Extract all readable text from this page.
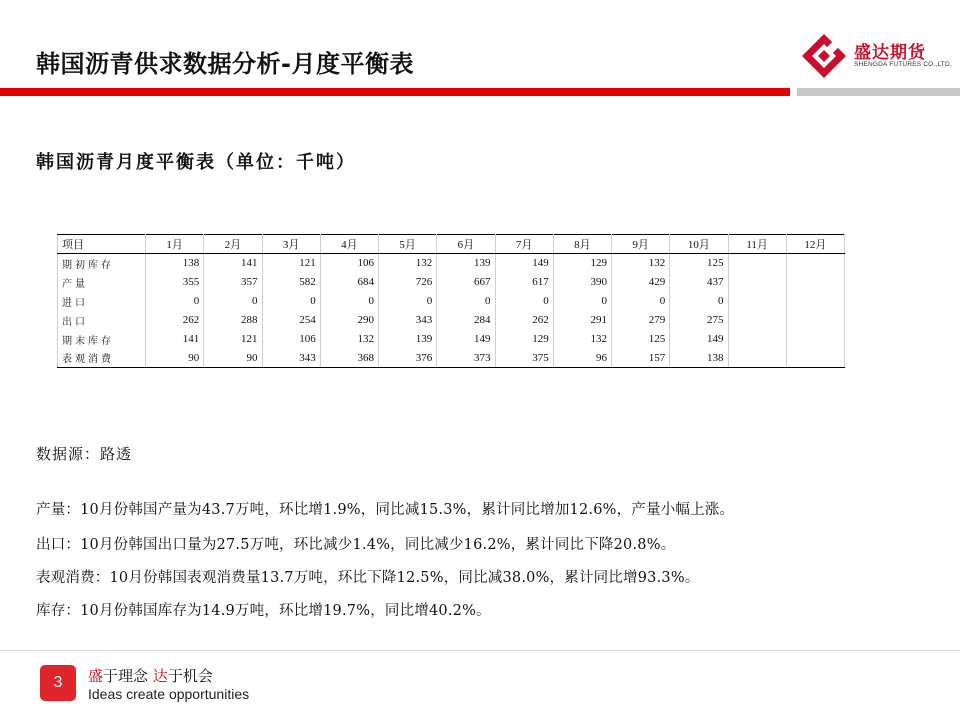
韩国沥青供求数据分析-月度平衡表	盛达期货
SHENGDA FUTURES CO.,LTD.
韩国沥青月度平衡表（单位：千吨）
项目	1月	2月	3月	4月	5月	6月	7月	8月	9月	10月	11月	12月
期初库存	138	141	121	106	132	139	149	129	132	125		
产量	355	357	582	684	726	667	617	390	429	437		
进口	0	0	0	0	0	0	0	0	0	0		
出口	262	288	254	290	343	284	262	291	279	275		
期末库存	141	121	106	132	139	149	129	132	125	149		
表观消费	90	90	343	368	376	373	375	96	157	138		
数据源：路透
产量：10月份韩国产量为43.7万吨，环比增1.9%，同比减15.3%，累计同比增加12.6%，产量小幅上涨。
出口：10月份韩国出口量为27.5万吨，环比减少1.4%，同比减少16.2%，累计同比下降20.8%。
表观消费：10月份韩国表观消费量13.7万吨，环比下降12.5%，同比减38.0%，累计同比增93.3%。
库存：10月份韩国库存为14.9万吨，环比增19.7%，同比增40.2%。
3	盛于理念 达于机会
Ideas create opportunities
